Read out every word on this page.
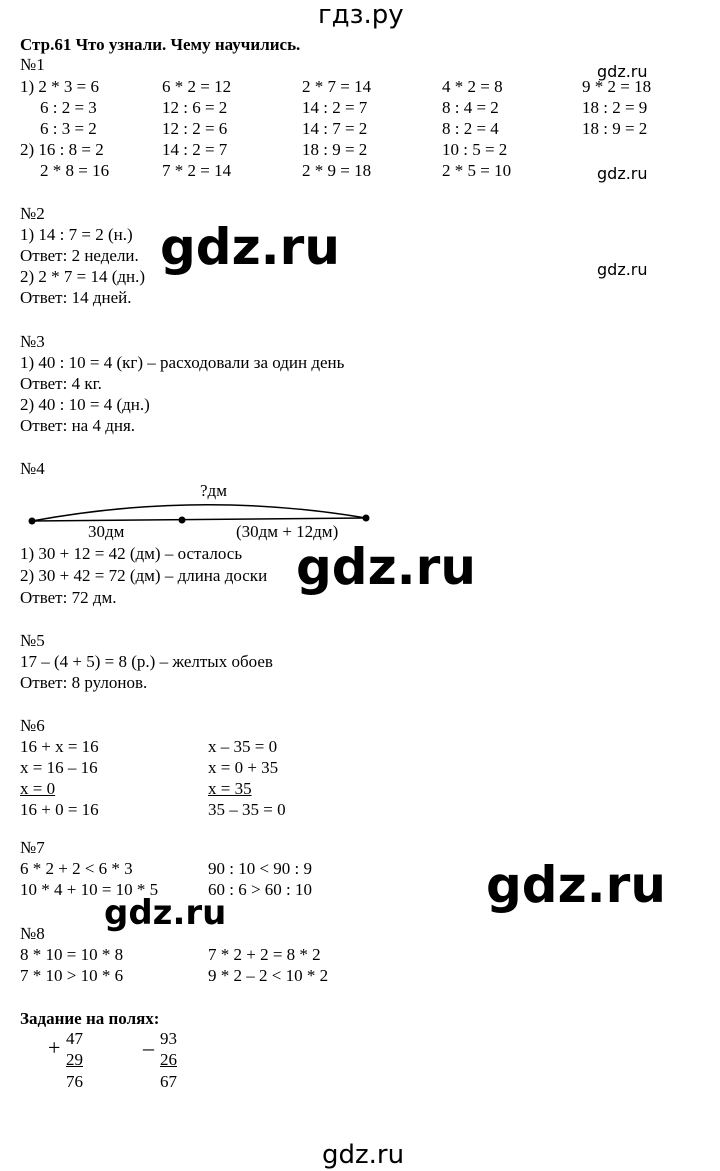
гдз.ру
gdz.ru
gdz.ru
gdz.ru
gdz.ru
gdz.ru
gdz.ru
gdz.ru
gdz.ru
Стр.61 Что узнали. Чему научились.
№1
1) 2 * 3 = 6
6 : 2 = 3
6 : 3 = 2
2) 16 : 8 = 2
2 * 8 = 16
6 * 2 = 12
12 : 6 = 2
12 : 2 = 6
14 : 2 = 7
7 * 2 = 14
2 * 7 = 14
14 : 2 = 7
14 : 7 = 2
18 : 9 = 2
2 * 9 = 18
4 * 2 = 8
8 : 4 = 2
8 : 2 = 4
10 : 5 = 2
2 * 5 = 10
9 * 2 = 18
18 : 2 = 9
18 : 9 = 2
№2
1) 14 : 7 = 2 (н.)
Ответ: 2 недели.
2) 2 * 7 = 14 (дн.)
Ответ: 14 дней.
№3
1) 40 : 10 = 4 (кг) – расходовали за один день
Ответ: 4 кг.
2) 40 : 10 = 4 (дн.)
Ответ: на 4 дня.
№4
?дм
30дм	(30дм + 12дм)
1) 30 + 12 = 42 (дм) – осталось
2) 30 + 42 = 72 (дм) – длина доски
Ответ: 72 дм.
№5
17 – (4 + 5) = 8 (р.) – желтых обоев
Ответ: 8 рулонов.
№6
16 + x = 16
x = 16 – 16
x = 0
16 + 0 = 16
x – 35 = 0
x = 0 + 35
x = 35
35 – 35 = 0
№7
6 * 2 + 2 < 6 * 3
10 * 4 + 10 = 10 * 5
90 : 10 < 90 : 9
60 : 6 > 60 : 10
№8
8 * 10 = 10 * 8
7 * 10 > 10 * 6
7 * 2 + 2 = 8 * 2
9 * 2 – 2 < 10 * 2
Задание на полях:
+ 47
29
76
– 93
26
67
